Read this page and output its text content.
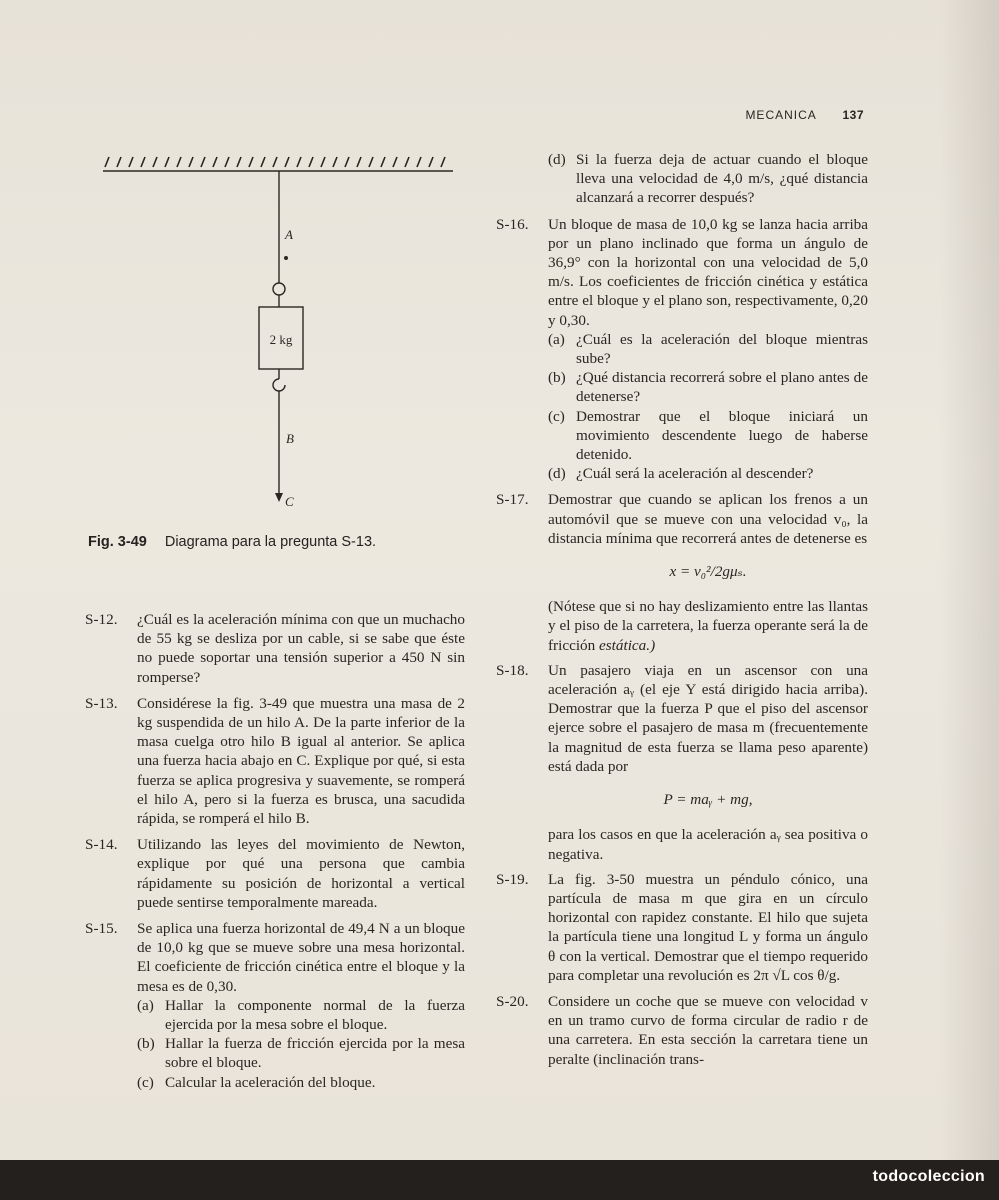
MECANICA 137
A
2 kg
B
C
Fig. 3-49 Diagrama para la pregunta S-13.
S-12. ¿Cuál es la aceleración mínima con que un muchacho de 55 kg se desliza por un cable, si se sabe que éste no puede soportar una tensión superior a 450 N sin romperse?
S-13. Considérese la fig. 3-49 que muestra una masa de 2 kg suspendida de un hilo A. De la parte inferior de la masa cuelga otro hilo B igual al anterior. Se aplica una fuerza hacia abajo en C. Explique por qué, si esta fuerza se aplica progresiva y suavemente, se romperá el hilo A, pero si la fuerza es brusca, una sacudida rápida, se romperá el hilo B.
S-14. Utilizando las leyes del movimiento de Newton, explique por qué una persona que cambia rápidamente su posición de horizontal a vertical puede sentirse temporalmente mareada.
S-15. Se aplica una fuerza horizontal de 49,4 N a un bloque de 10,0 kg que se mueve sobre una mesa horizontal. El coeficiente de fricción cinética entre el bloque y la mesa es de 0,30.
(a) Hallar la componente normal de la fuerza ejercida por la mesa sobre el bloque.
(b) Hallar la fuerza de fricción ejercida por la mesa sobre el bloque.
(c) Calcular la aceleración del bloque.
(d) Si la fuerza deja de actuar cuando el bloque lleva una velocidad de 4,0 m/s, ¿qué distancia alcanzará a recorrer después?
S-16. Un bloque de masa de 10,0 kg se lanza hacia arriba por un plano inclinado que forma un ángulo de 36,9° con la horizontal con una velocidad de 5,0 m/s. Los coeficientes de fricción cinética y estática entre el bloque y el plano son, respectivamente, 0,20 y 0,30.
(a) ¿Cuál es la aceleración del bloque mientras sube?
(b) ¿Qué distancia recorrerá sobre el plano antes de detenerse?
(c) Demostrar que el bloque iniciará un movimiento descendente luego de haberse detenido.
(d) ¿Cuál será la aceleración al descender?
S-17. Demostrar que cuando se aplican los frenos a un automóvil que se mueve con una velocidad v₀, la distancia mínima que recorrerá antes de detenerse es
x = v₀²/2gμₛ.
(Nótese que si no hay deslizamiento entre las llantas y el piso de la carretera, la fuerza operante será la de fricción estática.)
S-18. Un pasajero viaja en un ascensor con una aceleración aᵧ (el eje Y está dirigido hacia arriba). Demostrar que la fuerza P que el piso del ascensor ejerce sobre el pasajero de masa m (frecuentemente la magnitud de esta fuerza se llama peso aparente) está dada por
P = maᵧ + mg,
para los casos en que la aceleración aᵧ sea positiva o negativa.
S-19. La fig. 3-50 muestra un péndulo cónico, una partícula de masa m que gira en un círculo horizontal con rapidez constante. El hilo que sujeta la partícula tiene una longitud L y forma un ángulo θ con la vertical. Demostrar que el tiempo requerido para completar una revolución es 2π √L cos θ/g.
S-20. Considere un coche que se mueve con velocidad v en un tramo curvo de forma circular de radio r de una carretera. En esta sección la carretara tiene un peralte (inclinación trans-
todocoleccion
